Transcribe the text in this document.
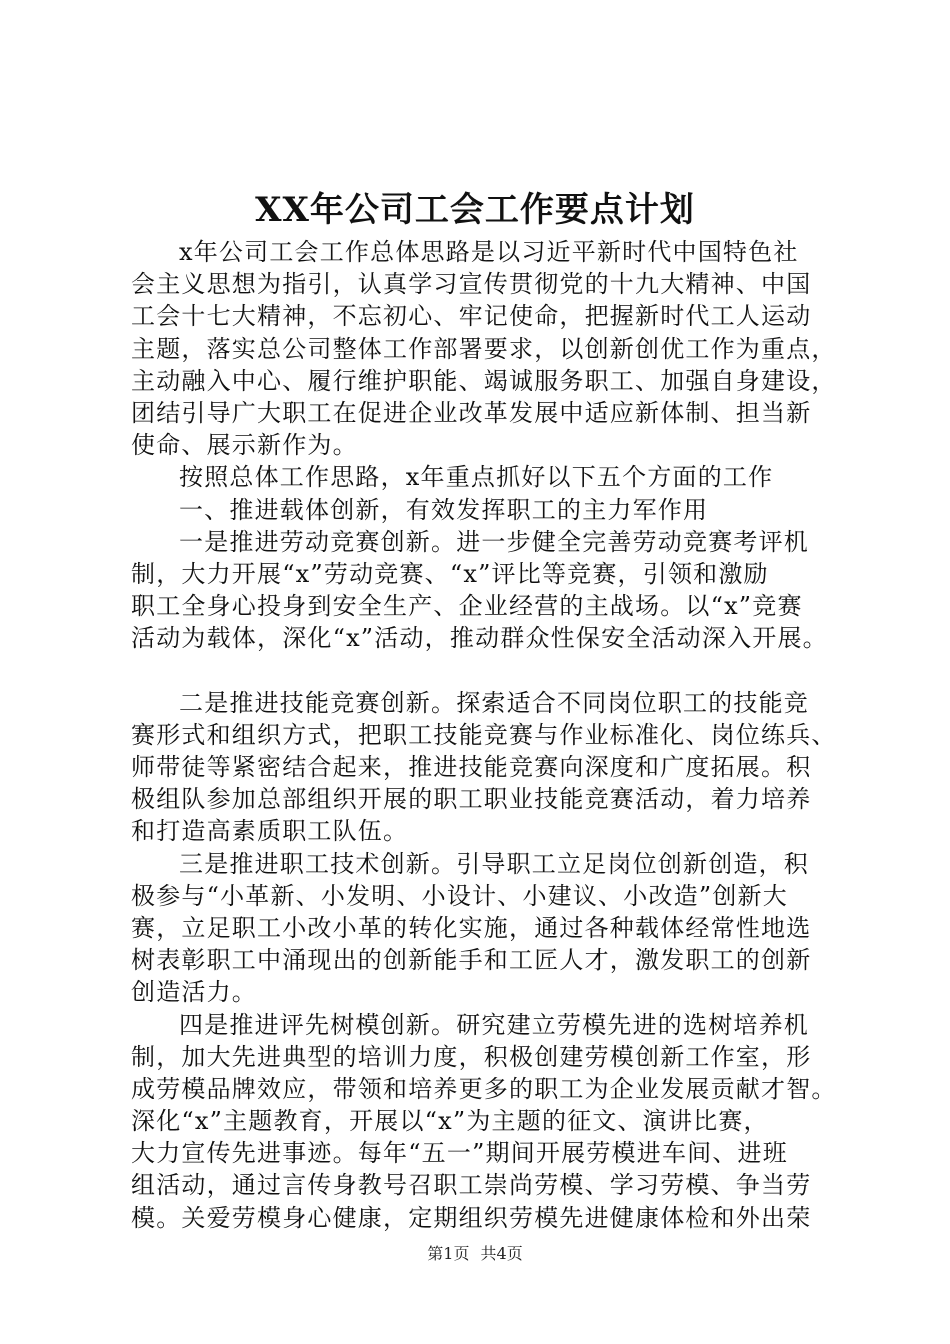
XX年公司工会工作要点计划
x年公司工会工作总体思路是以习近平新时代中国特色社
会主义思想为指引，认真学习宣传贯彻党的十九大精神、中国
工会十七大精神，不忘初心、牢记使命，把握新时代工人运动
主题，落实总公司整体工作部署要求，以创新创优工作为重点，
主动融入中心、履行维护职能、竭诚服务职工、加强自身建设，
团结引导广大职工在促进企业改革发展中适应新体制、担当新
使命、展示新作为。
按照总体工作思路，x年重点抓好以下五个方面的工作
一、推进载体创新，有效发挥职工的主力军作用
一是推进劳动竞赛创新。进一步健全完善劳动竞赛考评机
制，大力开展“x”劳动竞赛、“x”评比等竞赛，引领和激励
职工全身心投身到安全生产、企业经营的主战场。以“x”竞赛
活动为载体，深化“x”活动，推动群众性保安全活动深入开展。
二是推进技能竞赛创新。探索适合不同岗位职工的技能竞
赛形式和组织方式，把职工技能竞赛与作业标准化、岗位练兵、
师带徒等紧密结合起来，推进技能竞赛向深度和广度拓展。积
极组队参加总部组织开展的职工职业技能竞赛活动，着力培养
和打造高素质职工队伍。
三是推进职工技术创新。引导职工立足岗位创新创造，积
极参与“小革新、小发明、小设计、小建议、小改造”创新大
赛，立足职工小改小革的转化实施，通过各种载体经常性地选
树表彰职工中涌现出的创新能手和工匠人才，激发职工的创新
创造活力。
四是推进评先树模创新。研究建立劳模先进的选树培养机
制，加大先进典型的培训力度，积极创建劳模创新工作室，形
成劳模品牌效应，带领和培养更多的职工为企业发展贡献才智。
深化“x”主题教育，开展以“x”为主题的征文、演讲比赛，
大力宣传先进事迹。每年“五一”期间开展劳模进车间、进班
组活动，通过言传身教号召职工崇尚劳模、学习劳模、争当劳
模。关爱劳模身心健康，定期组织劳模先进健康体检和外出荣
第1页 共4页
